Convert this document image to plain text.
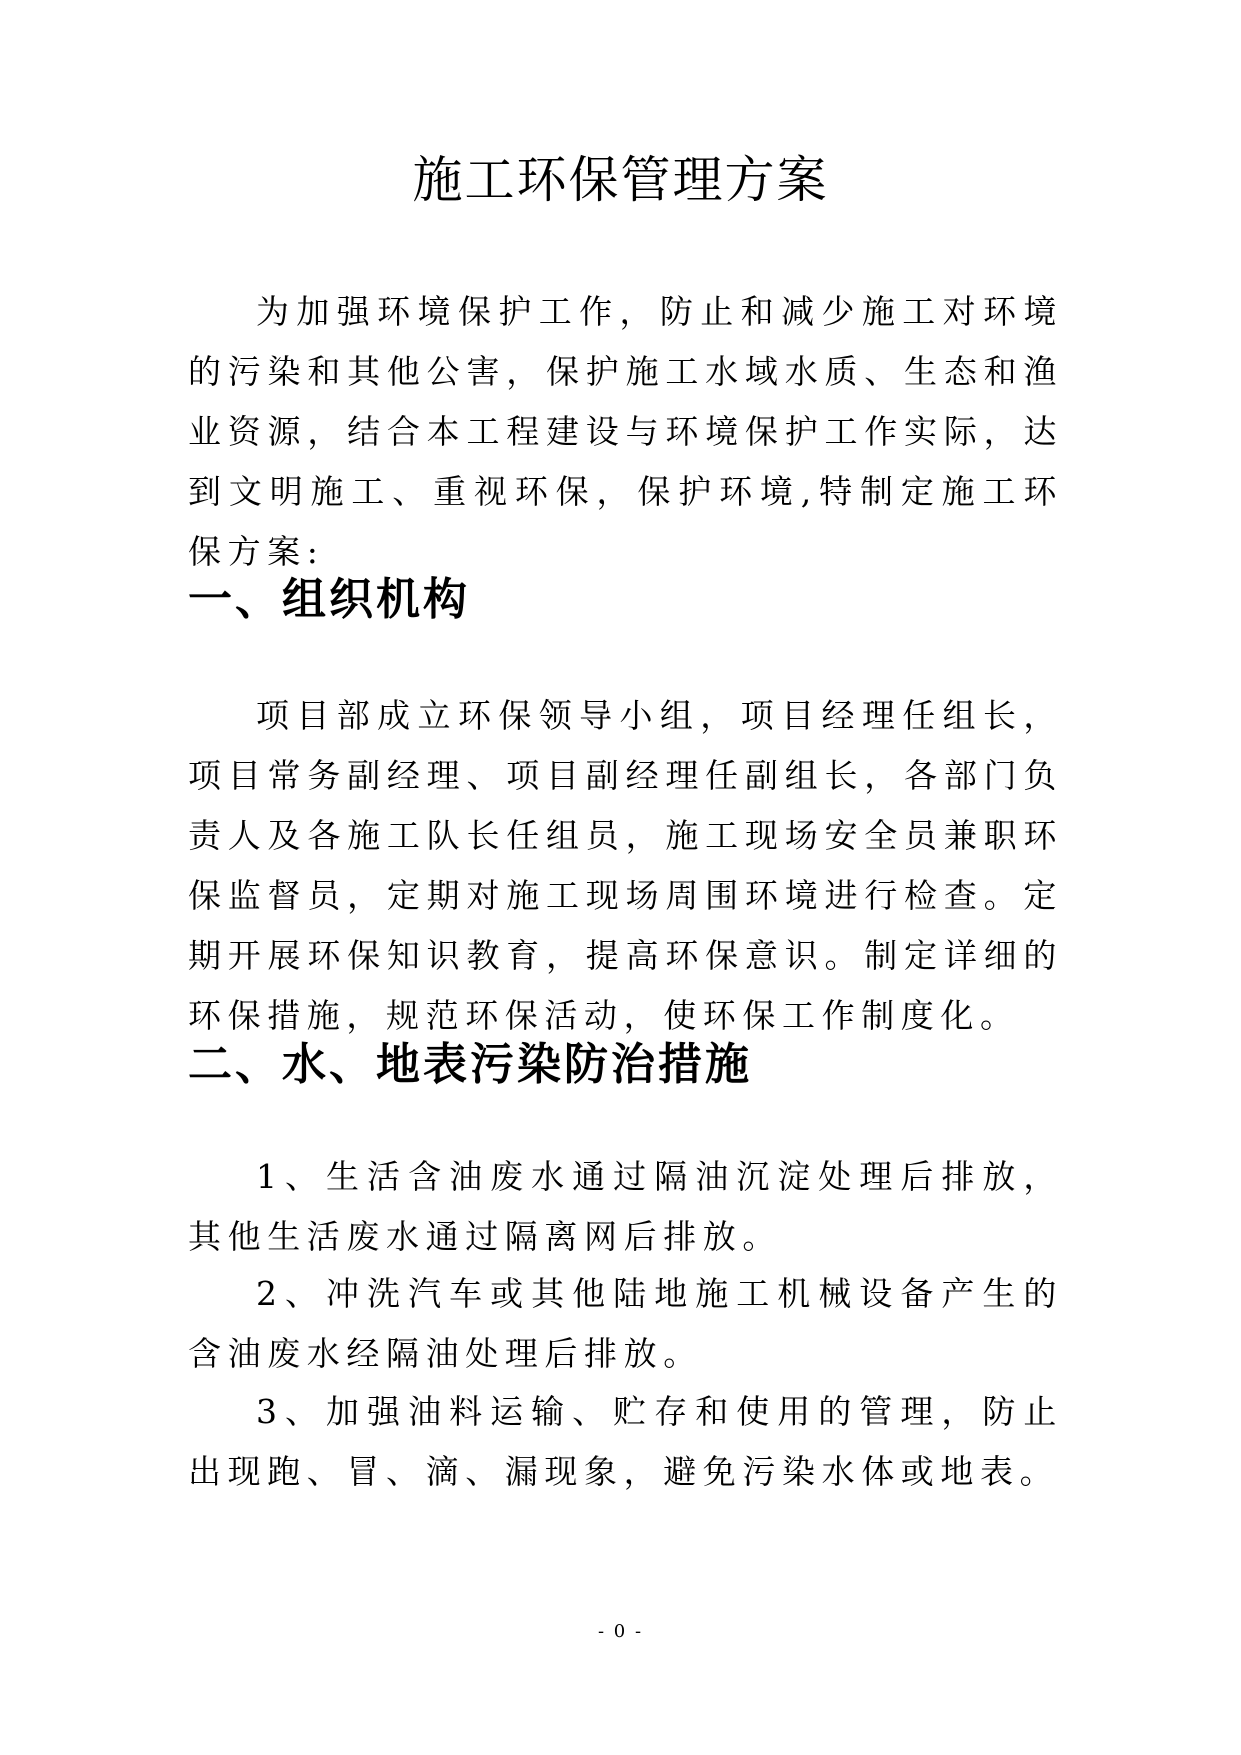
施工环保管理方案

为加强环境保护工作，防止和减少施工对环境的污染和其他公害，保护施工水域水质、生态和渔业资源，结合本工程建设与环境保护工作实际，达到文明施工、重视环保，保护环境,特制定施工环保方案:

一、组织机构

项目部成立环保领导小组，项目经理任组长，项目常务副经理、项目副经理任副组长，各部门负责人及各施工队长任组员，施工现场安全员兼职环保监督员，定期对施工现场周围环境进行检查。定期开展环保知识教育，提高环保意识。制定详细的环保措施，规范环保活动，使环保工作制度化。

二、水、地表污染防治措施

1、生活含油废水通过隔油沉淀处理后排放，其他生活废水通过隔离网后排放。

2、冲洗汽车或其他陆地施工机械设备产生的含油废水经隔油处理后排放。

3、加强油料运输、贮存和使用的管理，防止出现跑、冒、滴、漏现象，避免污染水体或地表。

- 0 -
